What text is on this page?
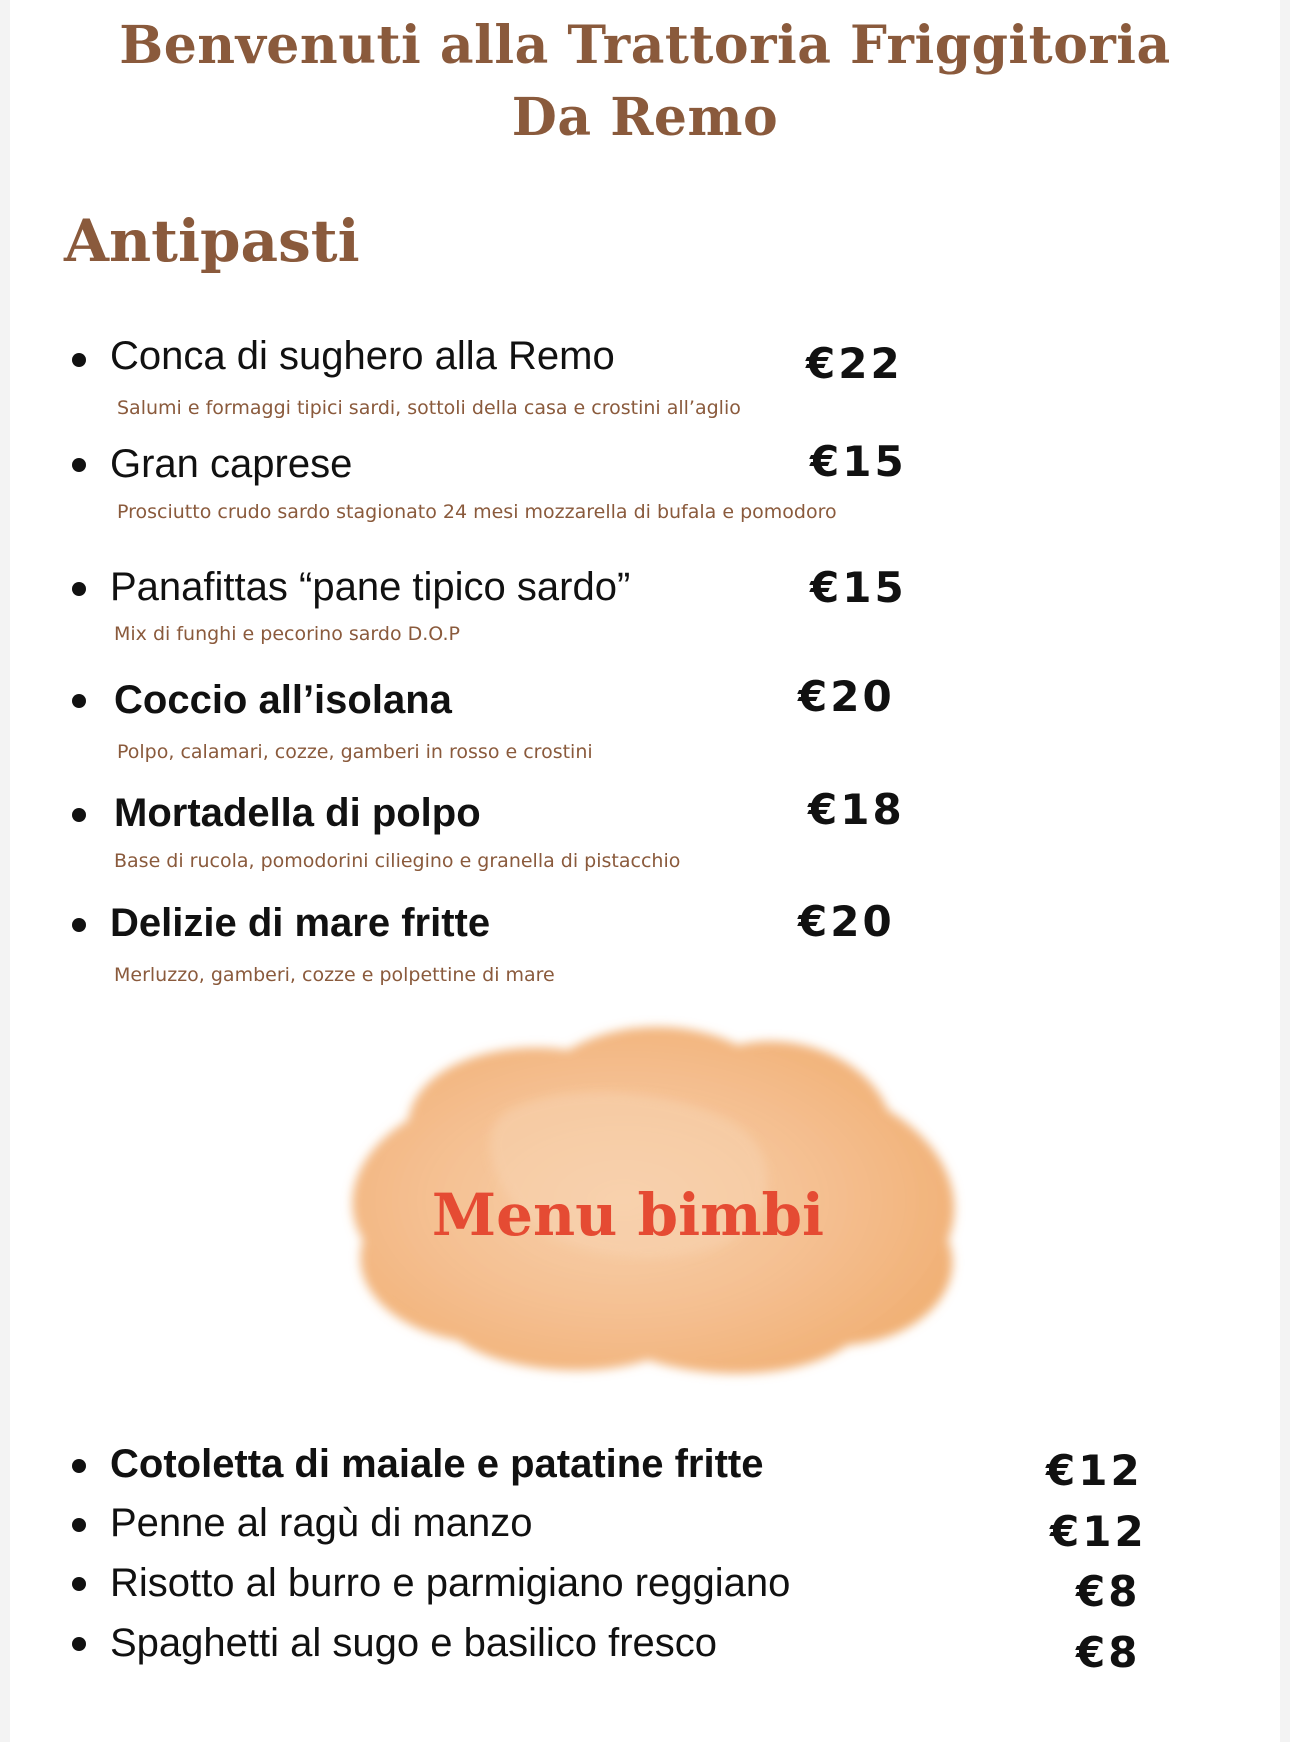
Benvenuti alla Trattoria Friggitoria
Da Remo
Antipasti
Conca di sughero alla Remo	€22
Salumi e formaggi tipici sardi, sottoli della casa e crostini all’aglio
Gran caprese	€15
Prosciutto crudo sardo stagionato 24 mesi mozzarella di bufala e pomodoro
Panafittas “pane tipico sardo”	€15
Mix di funghi e pecorino sardo D.O.P
Coccio all’isolana	€20
Polpo, calamari, cozze, gamberi in rosso e crostini
Mortadella di polpo	€18
Base di rucola, pomodorini ciliegino e granella di pistacchio
Delizie di mare fritte	€20
Merluzzo, gamberi, cozze e polpettine di mare
Menu bimbi
Cotoletta di maiale e patatine fritte	€12
Penne al ragù di manzo	€12
Risotto al burro e parmigiano reggiano	€8
Spaghetti al sugo e basilico fresco	€8
